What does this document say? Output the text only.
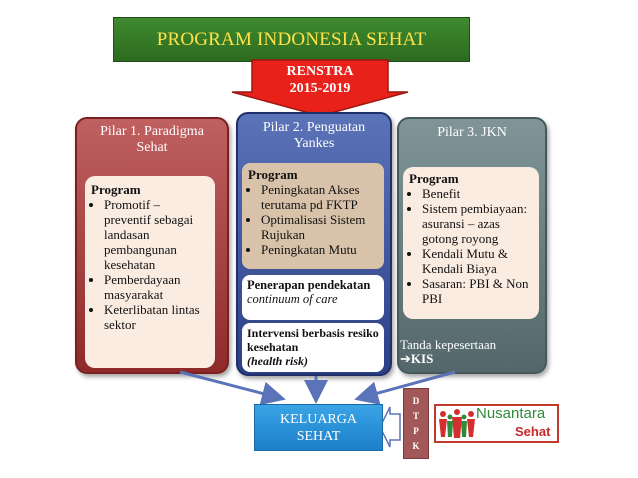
PROGRAM INDONESIA SEHAT
RENSTRA
2015-2019
Pilar 1. Paradigma
Sehat
Program
• Promotif – preventif sebagai landasan pembangunan kesehatan
• Pemberdayaan masyarakat
• Keterlibatan lintas sektor
Pilar 2. Penguatan
Yankes
Program
• Peningkatan Akses terutama pd FKTP
• Optimalisasi Sistem Rujukan
• Peningkatan Mutu
Penerapan pendekatan
continuum of care
Intervensi berbasis resiko kesehatan
(health risk)
Pilar 3. JKN
Program
• Benefit
• Sistem pembiayaan: asuransi – azas gotong royong
• Kendali Mutu & Kendali Biaya
• Sasaran: PBI & Non PBI
Tanda kepesertaan
➔KIS
KELUARGA
SEHAT
D
T
P
K
Nusantara
Sehat
